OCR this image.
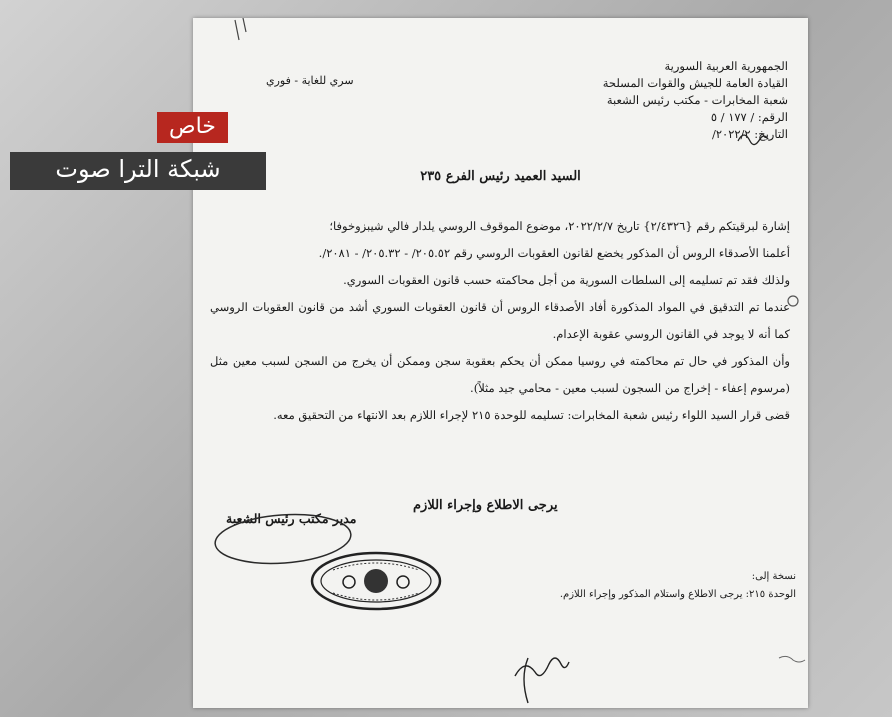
الجمهورية العربية السورية
القيادة العامة للجيش والقوات المسلحة
شعبة المخابرات - مكتب رئيس الشعبة
الرقم: / ١٧٧ / ٥
التاريخ: ٢٠٢٢/٢/
سري للغاية - فوري
السيد العميد رئيس الفرع ٢٣٥

إشارة لبرقيتكم رقم {٢/٤٣٢٦} تاريخ ٢٠٢٢/٢/٧، موضوع الموقوف الروسي يلدار فالي شيبزوخوفا؛

أعلمنا الأصدقاء الروس أن المذكور يخضع لقانون العقوبات الروسي رقم ٢٠٥.٥٢/ - ٢٠٥.٣٢/ - ٢٠٨١/.

ولذلك فقد تم تسليمه إلى السلطات السورية من أجل محاكمته حسب قانون العقوبات السوري.

عندما تم التدقيق في المواد المذكورة أفاد الأصدقاء الروس أن قانون العقوبات السوري أشد من قانون العقوبات الروسي كما أنه لا يوجد في القانون الروسي عقوبة الإعدام.

وأن المذكور في حال تم محاكمته في روسيا ممكن أن يحكم بعقوبة سجن وممكن أن يخرج من السجن لسبب معين مثل (مرسوم إعفاء - إخراج من السجون لسبب معين - محامي جيد مثلاً).

قضى قرار السيد اللواء رئيس شعبة المخابرات: تسليمه للوحدة ٢١٥ لإجراء اللازم بعد الانتهاء من التحقيق معه.

يرجى الاطلاع وإجراء اللازم
مدير مكتب رئيس الشعبة
نسخة إلى:
الوحدة ٢١٥: يرجى الاطلاع واستلام المذكور وإجراء اللازم.
خاص
شبكة الترا صوت
